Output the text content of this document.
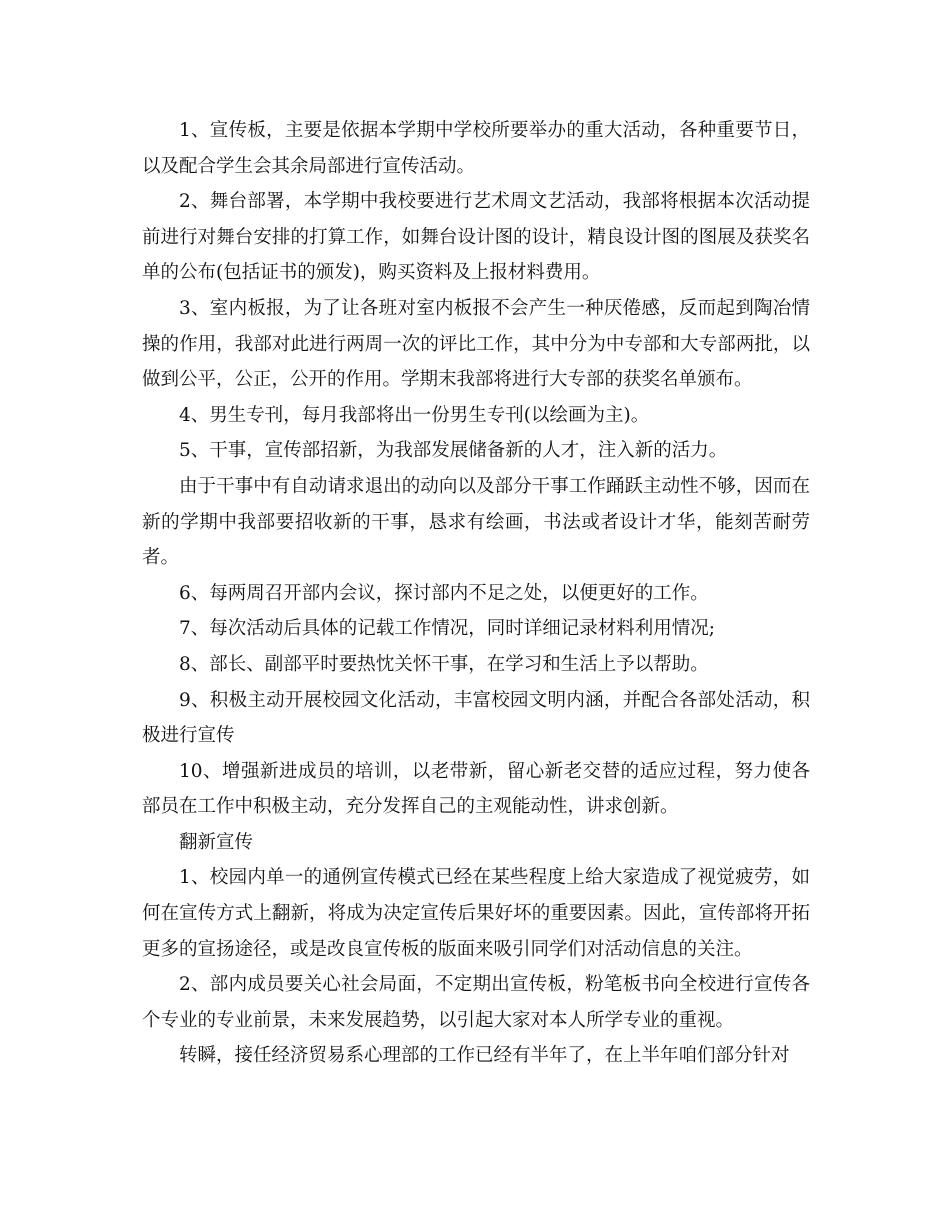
1、宣传板，主要是依据本学期中学校所要举办的重大活动，各种重要节日，以及配合学生会其余局部进行宣传活动。

2、舞台部署，本学期中我校要进行艺术周文艺活动，我部将根据本次活动提前进行对舞台安排的打算工作，如舞台设计图的设计，精良设计图的图展及获奖名单的公布(包括证书的颁发)，购买资料及上报材料费用。

3、室内板报，为了让各班对室内板报不会产生一种厌倦感，反而起到陶冶情操的作用，我部对此进行两周一次的评比工作，其中分为中专部和大专部两批，以做到公平，公正，公开的作用。学期末我部将进行大专部的获奖名单颁布。

4、男生专刊，每月我部将出一份男生专刊(以绘画为主)。

5、干事，宣传部招新，为我部发展储备新的人才，注入新的活力。

由于干事中有自动请求退出的动向以及部分干事工作踊跃主动性不够，因而在新的学期中我部要招收新的干事，恳求有绘画，书法或者设计才华，能刻苦耐劳者。

6、每两周召开部内会议，探讨部内不足之处，以便更好的工作。

7、每次活动后具体的记载工作情况，同时详细记录材料利用情况;

8、部长、副部平时要热忱关怀干事，在学习和生活上予以帮助。

9、积极主动开展校园文化活动，丰富校园文明内涵，并配合各部处活动，积极进行宣传

10、增强新进成员的培训，以老带新，留心新老交替的适应过程，努力使各部员在工作中积极主动，充分发挥自己的主观能动性，讲求创新。

翻新宣传

1、校园内单一的通例宣传模式已经在某些程度上给大家造成了视觉疲劳，如何在宣传方式上翻新，将成为决定宣传后果好坏的重要因素。因此，宣传部将开拓更多的宣扬途径，或是改良宣传板的版面来吸引同学们对活动信息的关注。

2、部内成员要关心社会局面，不定期出宣传板，粉笔板书向全校进行宣传各个专业的专业前景，未来发展趋势，以引起大家对本人所学专业的重视。

转瞬，接任经济贸易系心理部的工作已经有半年了，在上半年咱们部分针对
